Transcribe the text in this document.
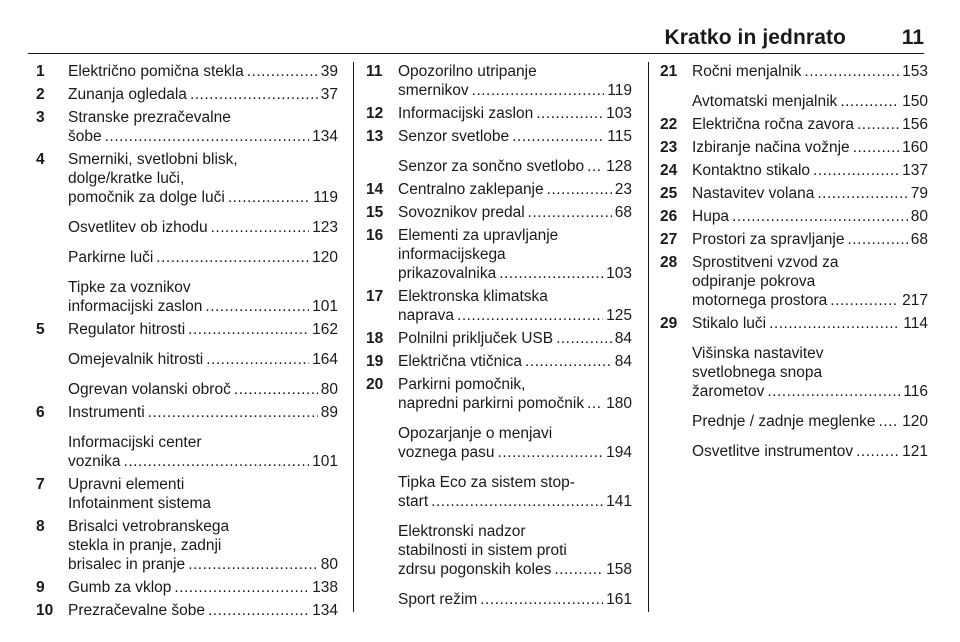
Kratko in jednrato	11
1 Električno pomična stekla .....	39
2 Zunanja ogledala .....	37
3 Stranske prezračevalne
šobe .....	134
4 Smerniki, svetlobni blisk,
dolge/kratke luči,
pomočnik za dolge luči .....	119
Osvetlitev ob izhodu .....	123
Parkirne luči .....	120
Tipke za voznikov
informacijski zaslon .....	101
5 Regulator hitrosti .....	162
Omejevalnik hitrosti .....	164
Ogrevan volanski obroč .....	80
6 Instrumenti .....	89
Informacijski center
voznika .....	101
7 Upravni elementi
Infotainment sistema
8 Brisalci vetrobranskega
stekla in pranje, zadnji
brisalec in pranje .....	80
9 Gumb za vklop .....	138
10 Prezračevalne šobe .....	134
11 Opozorilno utripanje
smernikov .....	119
12 Informacijski zaslon .....	103
13 Senzor svetlobe .....	115
Senzor za sončno svetlobo ..... 128
14 Centralno zaklepanje .....	23
15 Sovoznikov predal .....	68
16 Elementi za upravljanje
informacijskega
prikazovalnika .....	103
17 Elektronska klimatska
naprava .....	125
18 Polnilni priključek USB .....	84
19 Električna vtičnica .....	84
20 Parkirni pomočnik,
napredni parkirni pomočnik ..... 180
Opozarjanje o menjavi
voznega pasu .....	194
Tipka Eco za sistem stop-
start .....	141
Elektronski nadzor
stabilnosti in sistem proti
zdrsu pogonskih koles .....	158
Sport režim .....	161
21 Ročni menjalnik .....	153
Avtomatski menjalnik .....	150
22 Električna ročna zavora .....	156
23 Izbiranje načina vožnje .....	160
24 Kontaktno stikalo .....	137
25 Nastavitev volana .....	79
26 Hupa .....	80
27 Prostori za spravljanje .....	68
28 Sprostitveni vzvod za
odpiranje pokrova
motornega prostora .....	217
29 Stikalo luči .....	114
Višinska nastavitev
svetlobnega snopa
žarometov .....	116
Prednje / zadnje meglenke ..... 120
Osvetlitve instrumentov .....	121
